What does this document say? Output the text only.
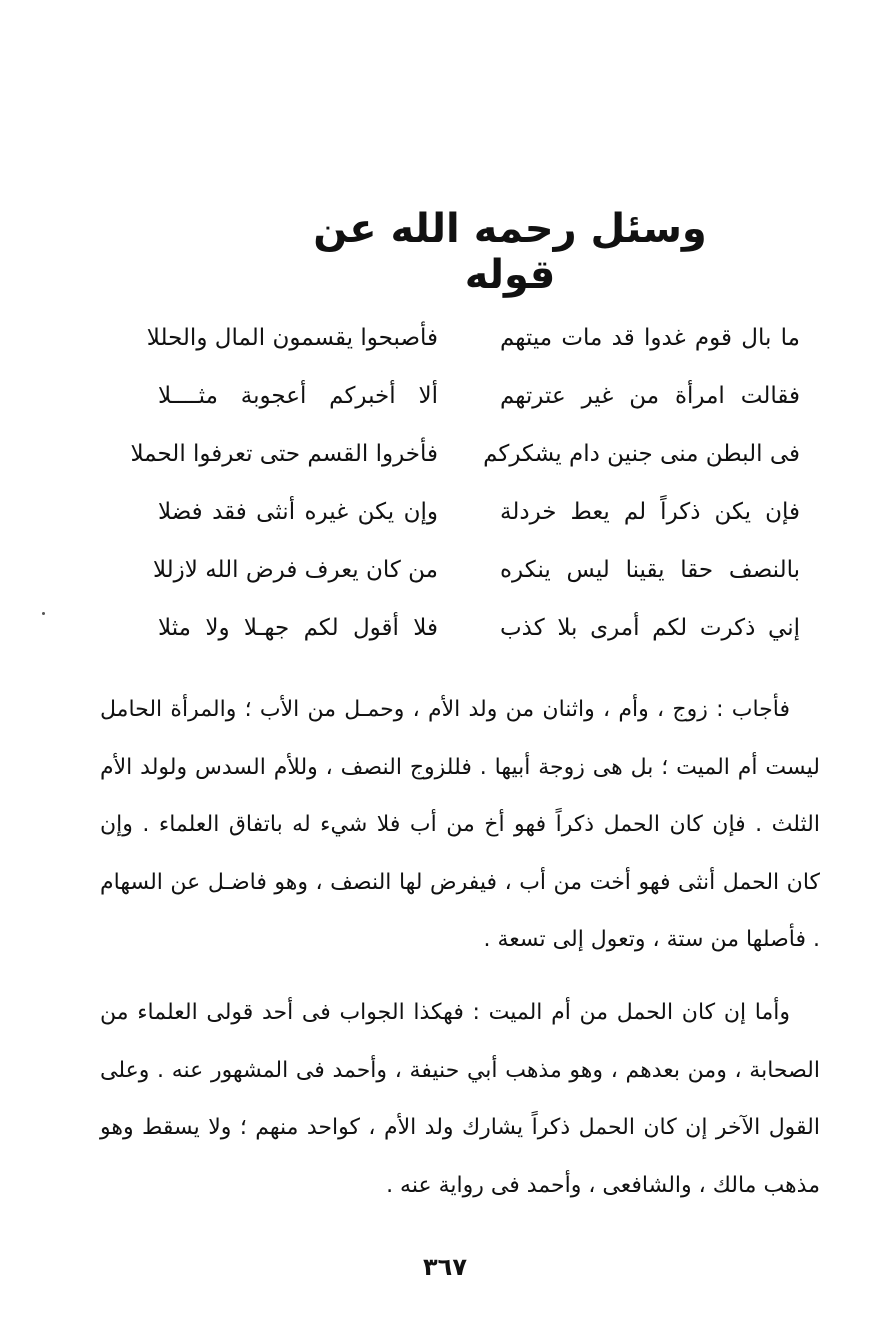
وسئل رحمه الله عن قوله
ما بال قوم غدوا قد مات ميتهم
فأصبحوا يقسمون المال والحللا
فقالت امرأة من غير عترتهم
ألا أخبركم أعجوبة مثــــلا
فى البطن منى جنين دام يشكركم
فأخروا القسم حتى تعرفوا الحملا
فإن يكن ذكراً لم يعط خردلة
وإن يكن غيره أنثى فقد فضلا
بالنصف حقا يقينا ليس ينكره
من كان يعرف فرض الله لازللا
إني ذكرت لكم أمرى بلا كذب
فلا أقول لكم جهـلا ولا مثلا

فأجاب : زوج ، وأم ، واثنان من ولد الأم ، وحمـل من الأب ؛ والمرأة الحامل ليست أم الميت ؛ بل هى زوجة أبيها . فللزوج النصف ، وللأم السدس ولولد الأم الثلث . فإن كان الحمل ذكراً فهو أخ من أب فلا شيء له باتفاق العلماء . وإن كان الحمل أنثى فهو أخت من أب ، فيفرض لها النصف ، وهو فاضـل عن السهام . فأصلها من ستة ، وتعول إلى تسعة .

وأما إن كان الحمل من أم الميت : فهكذا الجواب فى أحد قولى العلماء من الصحابة ، ومن بعدهم ، وهو مذهب أبي حنيفة ، وأحمد فى المشهور عنه . وعلى القول الآخر إن كان الحمل ذكراً يشارك ولد الأم ، كواحد منهم ؛ ولا يسقط وهو مذهب مالك ، والشافعى ، وأحمد فى رواية عنه .

٣٦٧
